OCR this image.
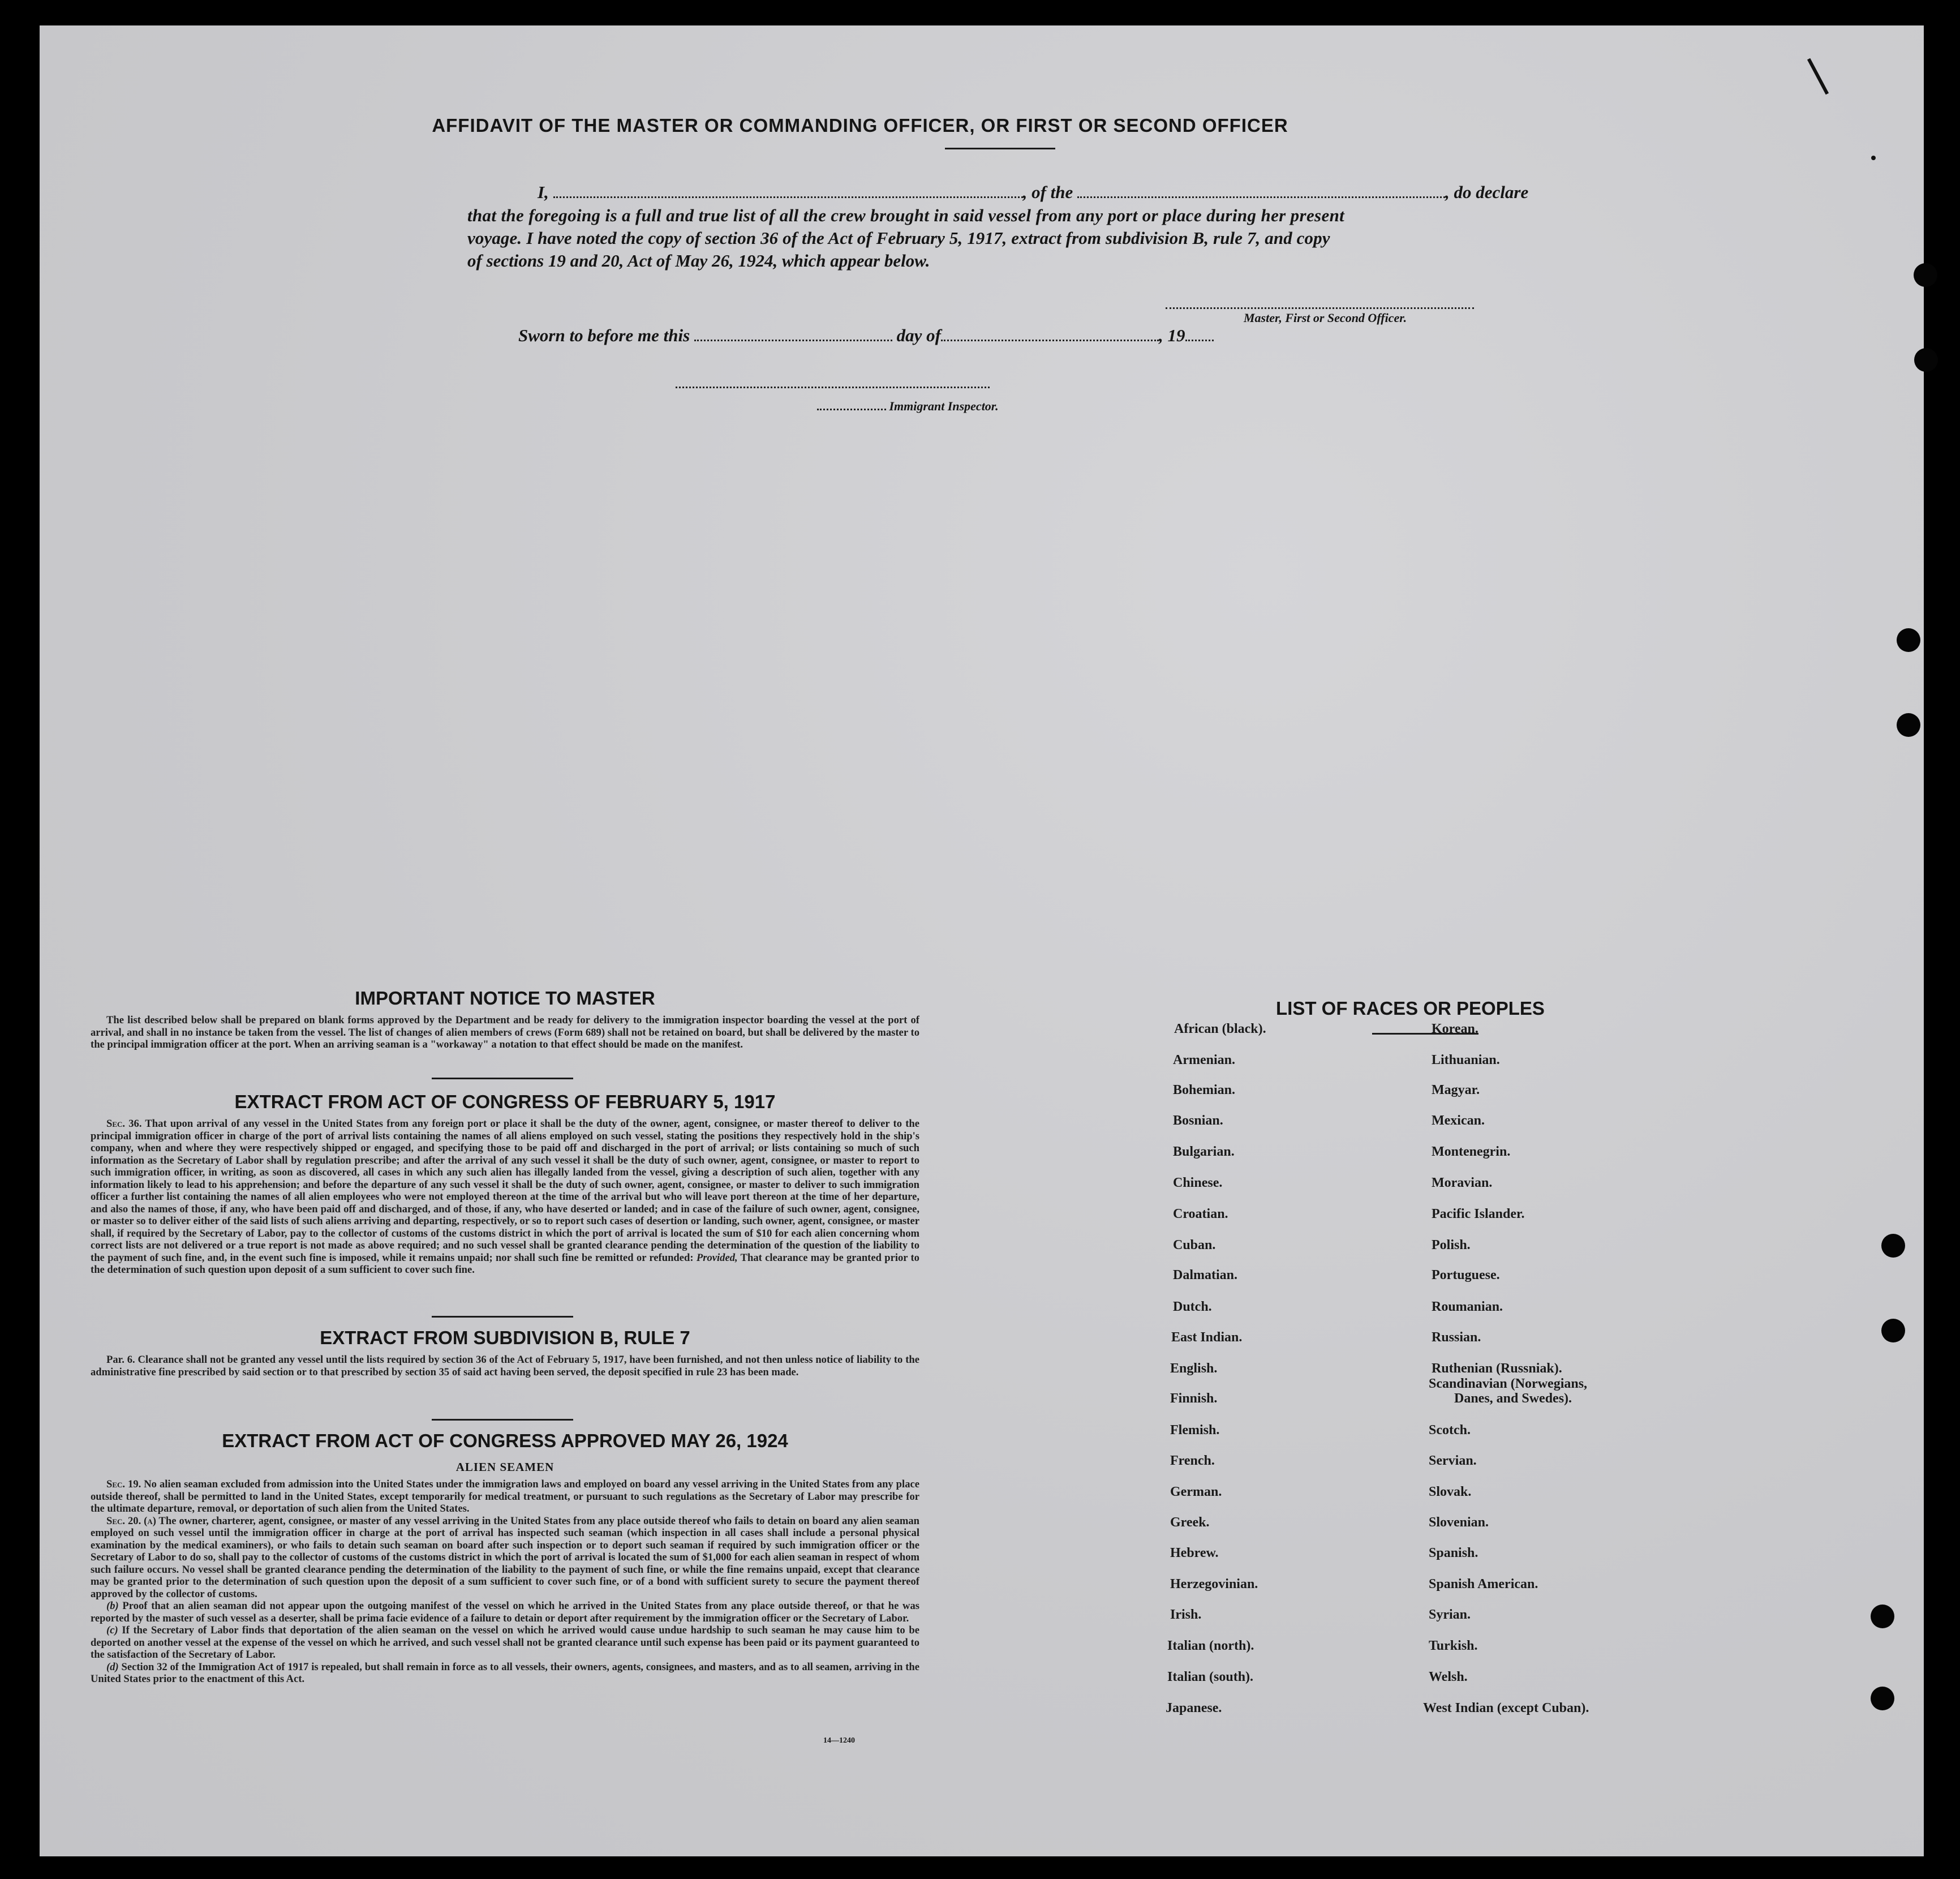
AFFIDAVIT OF THE MASTER OR COMMANDING OFFICER, OR FIRST OR SECOND OFFICER
I,	, of the	, do declare
that the foregoing is a full and true list of all the crew brought in said vessel from any port or place during her present
voyage. I have noted the copy of section 36 of the Act of February 5, 1917, extract from subdivision B, rule 7, and copy
of sections 19 and 20, Act of May 26, 1924, which appear below.
Master, First or Second Officer.
Sworn to before me this	day of	, 19
Immigrant Inspector.
IMPORTANT NOTICE TO MASTER

The list described below shall be prepared on blank forms approved by the Department and be ready for delivery to the immigration inspector boarding the vessel at the port of arrival, and shall in no instance be taken from the vessel. The list of changes of alien members of crews (Form 689) shall not be retained on board, but shall be delivered by the master to the principal immigration officer at the port. When an arriving seaman is a "workaway" a notation to that effect should be made on the manifest.

EXTRACT FROM ACT OF CONGRESS OF FEBRUARY 5, 1917

Sec. 36. That upon arrival of any vessel in the United States from any foreign port or place it shall be the duty of the owner, agent, consignee, or master thereof to deliver to the principal immigration officer in charge of the port of arrival lists containing the names of all aliens employed on such vessel, stating the positions they respectively hold in the ship's company, when and where they were respectively shipped or engaged, and specifying those to be paid off and discharged in the port of arrival; or lists containing so much of such information as the Secretary of Labor shall by regulation prescribe; and after the arrival of any such vessel it shall be the duty of such owner, agent, consignee, or master to report to such immigration officer, in writing, as soon as discovered, all cases in which any such alien has illegally landed from the vessel, giving a description of such alien, together with any information likely to lead to his apprehension; and before the departure of any such vessel it shall be the duty of such owner, agent, consignee, or master to deliver to such immigration officer a further list containing the names of all alien employees who were not employed thereon at the time of the arrival but who will leave port thereon at the time of her departure, and also the names of those, if any, who have been paid off and discharged, and of those, if any, who have deserted or landed; and in case of the failure of such owner, agent, consignee, or master so to deliver either of the said lists of such aliens arriving and departing, respectively, or so to report such cases of desertion or landing, such owner, agent, consignee, or master shall, if required by the Secretary of Labor, pay to the collector of customs of the customs district in which the port of arrival is located the sum of $10 for each alien concerning whom correct lists are not delivered or a true report is not made as above required; and no such vessel shall be granted clearance pending the determination of the question of the liability to the payment of such fine, and, in the event such fine is imposed, while it remains unpaid; nor shall such fine be remitted or refunded: Provided, That clearance may be granted prior to the determination of such question upon deposit of a sum sufficient to cover such fine.

EXTRACT FROM SUBDIVISION B, RULE 7

Par. 6. Clearance shall not be granted any vessel until the lists required by section 36 of the Act of February 5, 1917, have been furnished, and not then unless notice of liability to the administrative fine prescribed by said section or to that prescribed by section 35 of said act having been served, the deposit specified in rule 23 has been made.

EXTRACT FROM ACT OF CONGRESS APPROVED MAY 26, 1924
ALIEN SEAMEN

Sec. 19. No alien seaman excluded from admission into the United States under the immigration laws and employed on board any vessel arriving in the United States from any place outside thereof, shall be permitted to land in the United States, except temporarily for medical treatment, or pursuant to such regulations as the Secretary of Labor may prescribe for the ultimate departure, removal, or deportation of such alien from the United States.

Sec. 20. (a) The owner, charterer, agent, consignee, or master of any vessel arriving in the United States from any place outside thereof who fails to detain on board any alien seaman employed on such vessel until the immigration officer in charge at the port of arrival has inspected such seaman (which inspection in all cases shall include a personal physical examination by the medical examiners), or who fails to detain such seaman on board after such inspection or to deport such seaman if required by such immigration officer or the Secretary of Labor to do so, shall pay to the collector of customs of the customs district in which the port of arrival is located the sum of $1,000 for each alien seaman in respect of whom such failure occurs. No vessel shall be granted clearance pending the determination of the liability to the payment of such fine, or while the fine remains unpaid, except that clearance may be granted prior to the determination of such question upon the deposit of a sum sufficient to cover such fine, or of a bond with sufficient surety to secure the payment thereof approved by the collector of customs.

(b) Proof that an alien seaman did not appear upon the outgoing manifest of the vessel on which he arrived in the United States from any place outside thereof, or that he was reported by the master of such vessel as a deserter, shall be prima facie evidence of a failure to detain or deport after requirement by the immigration officer or the Secretary of Labor.

(c) If the Secretary of Labor finds that deportation of the alien seaman on the vessel on which he arrived would cause undue hardship to such seaman he may cause him to be deported on another vessel at the expense of the vessel on which he arrived, and such vessel shall not be granted clearance until such expense has been paid or its payment guaranteed to the satisfaction of the Secretary of Labor.

(d) Section 32 of the Immigration Act of 1917 is repealed, but shall remain in force as to all vessels, their owners, agents, consignees, and masters, and as to all seamen, arriving in the United States prior to the enactment of this Act.

14—1240
LIST OF RACES OR PEOPLES
African (black).
Armenian.
Bohemian.
Bosnian.
Bulgarian.
Chinese.
Croatian.
Cuban.
Dalmatian.
Dutch.
East Indian.
English.
Finnish.
Flemish.
French.
German.
Greek.
Hebrew.
Herzegovinian.
Irish.
Italian (north).
Italian (south).
Japanese.
Korean.
Lithuanian.
Magyar.
Mexican.
Montenegrin.
Moravian.
Pacific Islander.
Polish.
Portuguese.
Roumanian.
Russian.
Ruthenian (Russniak).
Scandinavian (Norwegians,
Scotch.
Servian.
Slovak.
Slovenian.
Spanish.
Spanish American.
Syrian.
Turkish.
Welsh.
West Indian (except Cuban).
Danes, and Swedes).
